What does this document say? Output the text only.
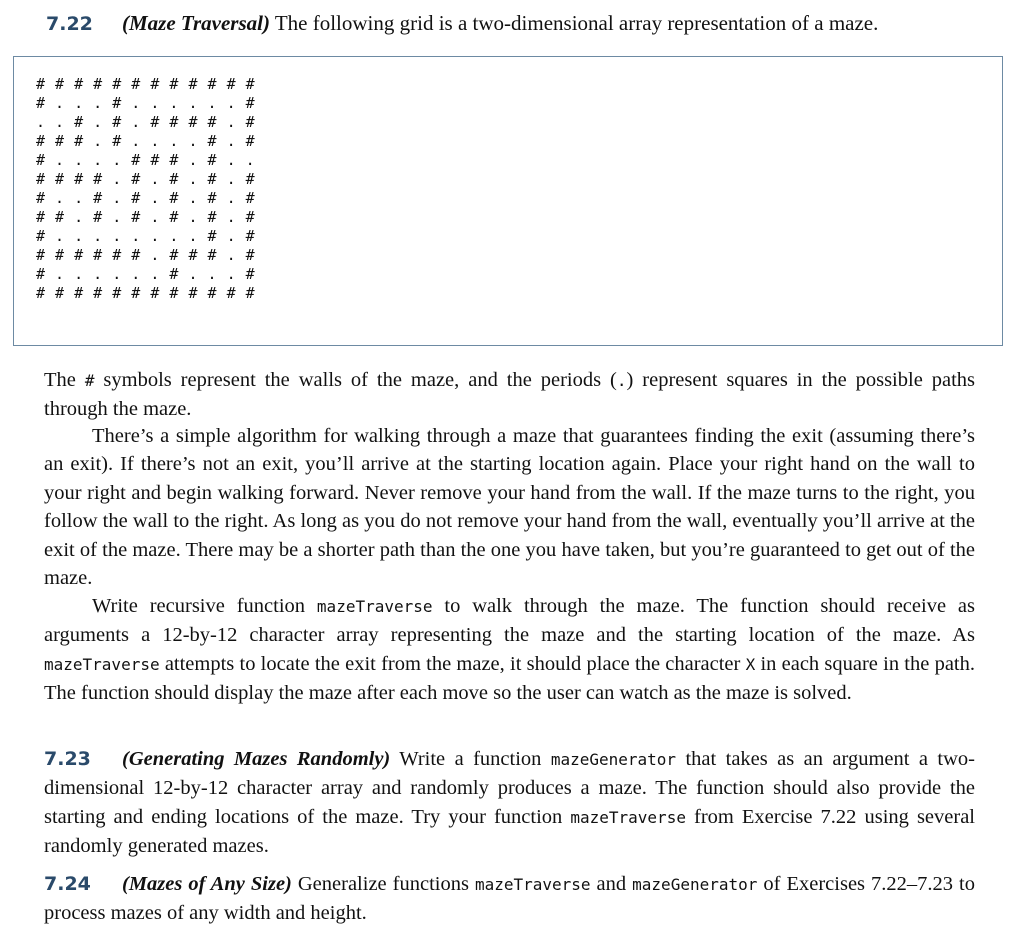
7.22 (Maze Traversal) The following grid is a two-dimensional array representation of a maze.
# # # # # # # # # # # #
# . . . # . . . . . . #
. . # . # . # # # # . #
# # # . # . . . . # . #
# . . . . # # # . # . .
# # # # . # . # . # . #
# . . # . # . # . # . #
# # . # . # . # . # . #
# . . . . . . . . # . #
# # # # # # . # # # . #
# . . . . . . # . . . #
# # # # # # # # # # # #

The # symbols represent the walls of the maze, and the periods (.) represent squares in the possible paths through the maze.

There’s a simple algorithm for walking through a maze that guarantees finding the exit (assuming there’s an exit). If there’s not an exit, you’ll arrive at the starting location again. Place your right hand on the wall to your right and begin walking forward. Never remove your hand from the wall. If the maze turns to the right, you follow the wall to the right. As long as you do not remove your hand from the wall, eventually you’ll arrive at the exit of the maze. There may be a shorter path than the one you have taken, but you’re guaranteed to get out of the maze.

Write recursive function mazeTraverse to walk through the maze. The function should receive as arguments a 12-by-12 character array representing the maze and the starting location of the maze. As mazeTraverse attempts to locate the exit from the maze, it should place the character X in each square in the path. The function should display the maze after each move so the user can watch as the maze is solved.

7.23 (Generating Mazes Randomly) Write a function mazeGenerator that takes as an argument a two-dimensional 12-by-12 character array and randomly produces a maze. The function should also provide the starting and ending locations of the maze. Try your function mazeTraverse from Exercise 7.22 using several randomly generated mazes.

7.24 (Mazes of Any Size) Generalize functions mazeTraverse and mazeGenerator of Exercises 7.22–7.23 to process mazes of any width and height.
